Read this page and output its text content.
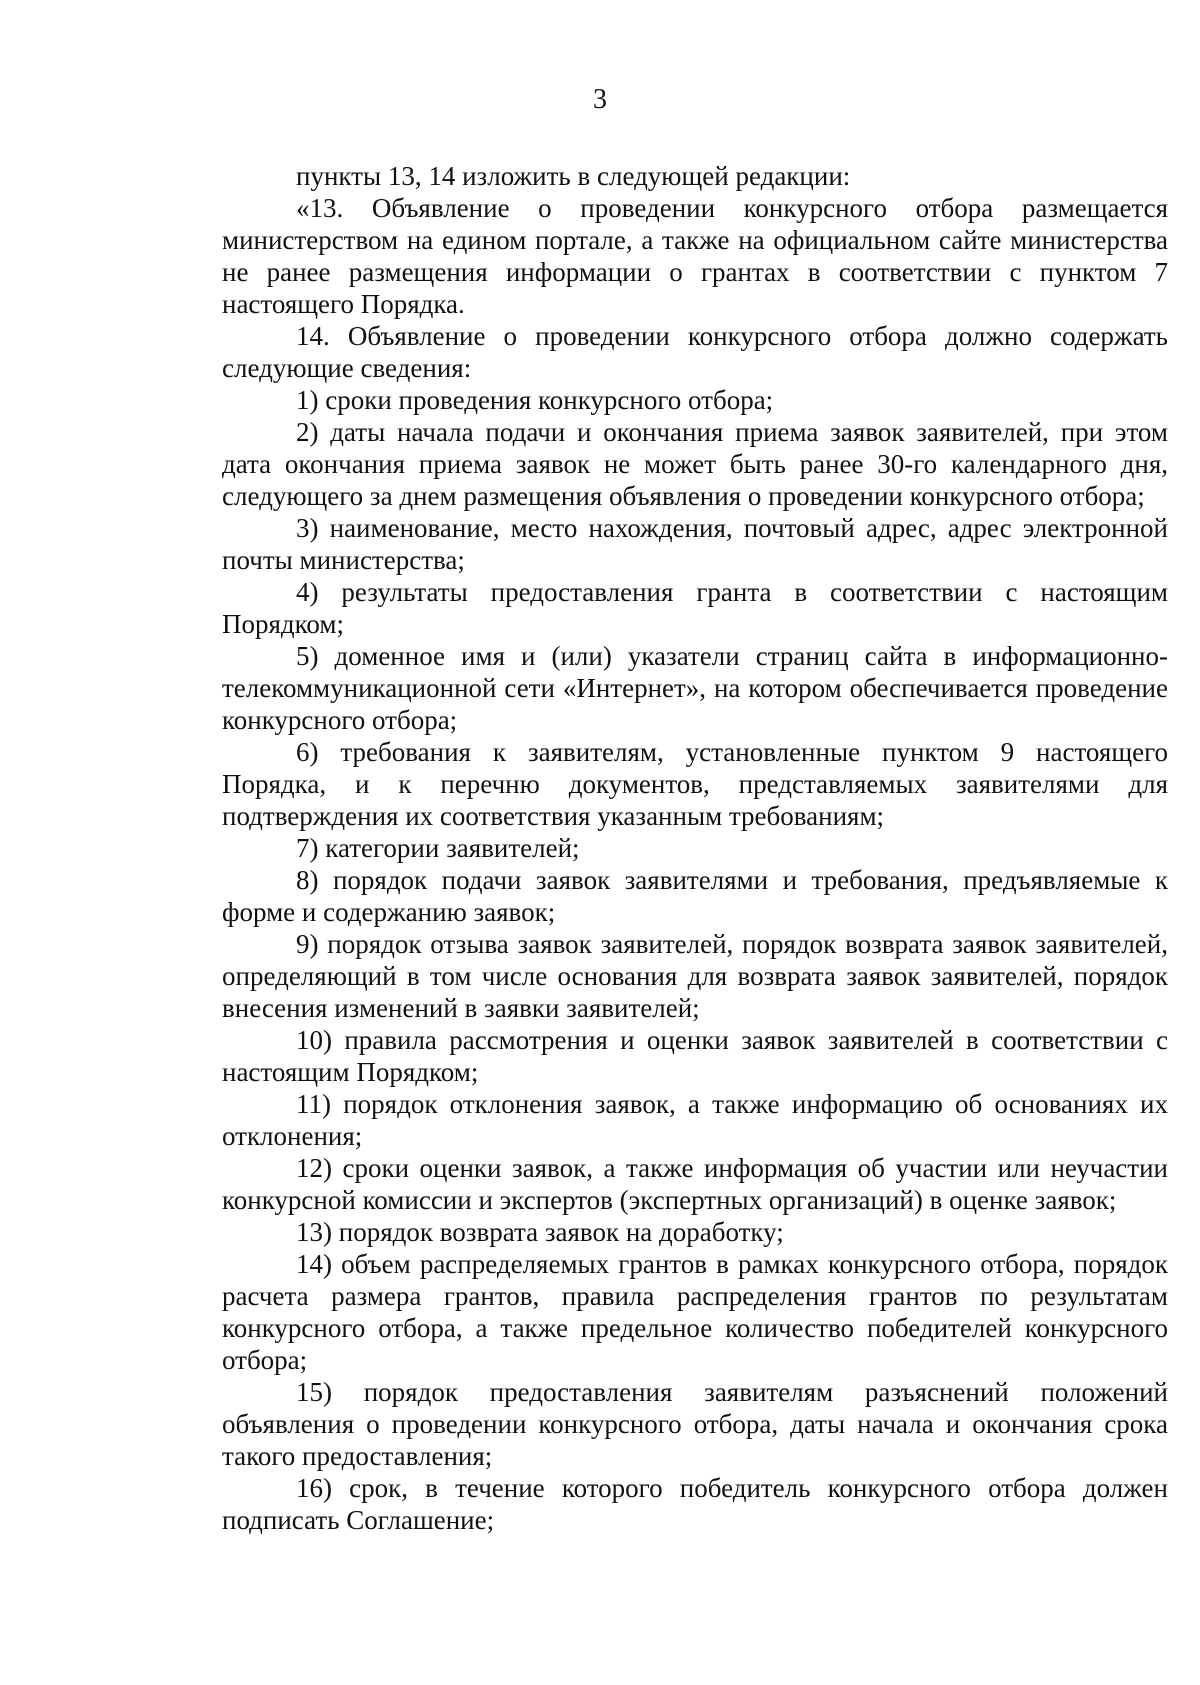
3

пункты 13, 14 изложить в следующей редакции:

«13. Объявление о проведении конкурсного отбора размещается министерством на едином портале, а также на официальном сайте министерства не ранее размещения информации о грантах в соответствии с пунктом 7 настоящего Порядка.

14. Объявление о проведении конкурсного отбора должно содержать следующие сведения:

1) сроки проведения конкурсного отбора;

2) даты начала подачи и окончания приема заявок заявителей, при этом дата окончания приема заявок не может быть ранее 30-го календарного дня, следующего за днем размещения объявления о проведении конкурсного отбора;

3) наименование, место нахождения, почтовый адрес, адрес электронной почты министерства;

4) результаты предоставления гранта в соответствии с настоящим Порядком;

5) доменное имя и (или) указатели страниц сайта в информационно-телекоммуникационной сети «Интернет», на котором обеспечивается проведение конкурсного отбора;

6) требования к заявителям, установленные пунктом 9 настоящего Порядка, и к перечню документов, представляемых заявителями для подтверждения их соответствия указанным требованиям;

7) категории заявителей;

8) порядок подачи заявок заявителями и требования, предъявляемые к форме и содержанию заявок;

9) порядок отзыва заявок заявителей, порядок возврата заявок заявителей, определяющий в том числе основания для возврата заявок заявителей, порядок внесения изменений в заявки заявителей;

10) правила рассмотрения и оценки заявок заявителей в соответствии с настоящим Порядком;

11) порядок отклонения заявок, а также информацию об основаниях их отклонения;

12) сроки оценки заявок, а также информация об участии или неучастии конкурсной комиссии и экспертов (экспертных организаций) в оценке заявок;

13) порядок возврата заявок на доработку;

14) объем распределяемых грантов в рамках конкурсного отбора, порядок расчета размера грантов, правила распределения грантов по результатам конкурсного отбора, а также предельное количество победителей конкурсного отбора;

15) порядок предоставления заявителям разъяснений положений объявления о проведении конкурсного отбора, даты начала и окончания срока такого предоставления;

16) срок, в течение которого победитель конкурсного отбора должен подписать Соглашение;
